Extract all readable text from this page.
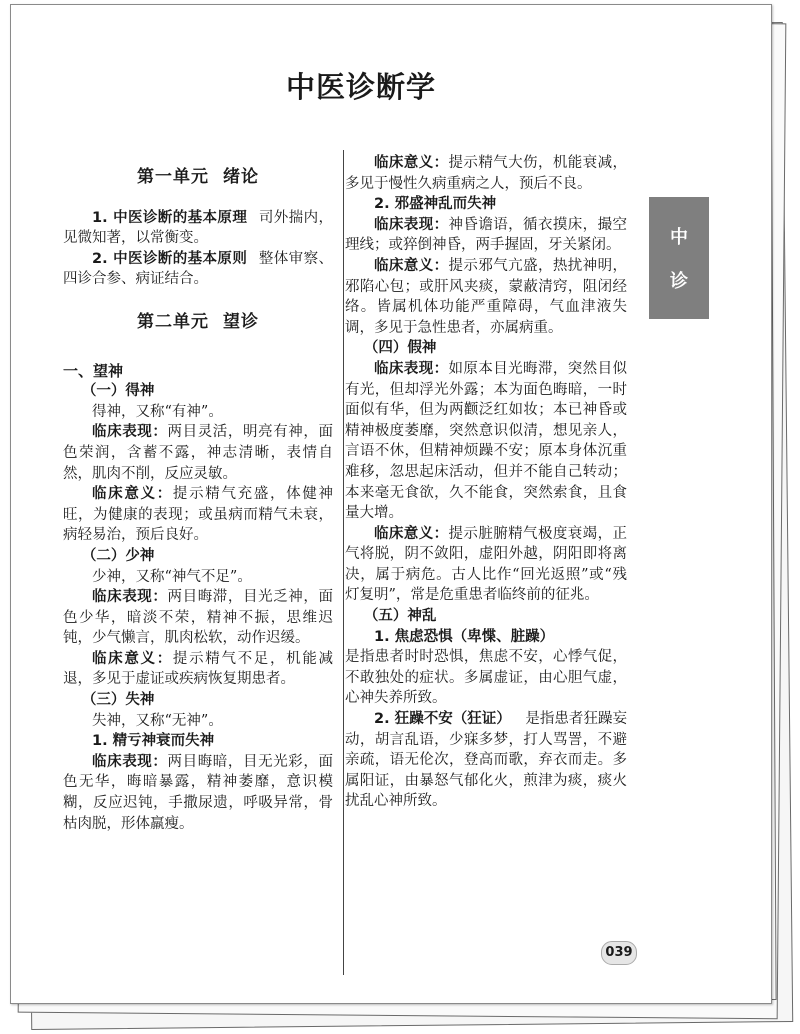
中医诊断学
第一单元 绪论

1. 中医诊断的基本原理 司外揣内，见微知著，以常衡变。

2. 中医诊断的基本原则 整体审察、四诊合参、病证结合。

第二单元 望诊
一、望神
（一）得神

得神，又称“有神”。

临床表现：两目灵活，明亮有神，面色荣润，含蓄不露，神志清晰，表情自然，肌肉不削，反应灵敏。

临床意义：提示精气充盛，体健神旺，为健康的表现；或虽病而精气未衰，病轻易治，预后良好。

（二）少神

少神，又称“神气不足”。

临床表现：两目晦滞，目光乏神，面色少华，暗淡不荣，精神不振，思维迟钝，少气懒言，肌肉松软，动作迟缓。

临床意义：提示精气不足，机能减退，多见于虚证或疾病恢复期患者。

（三）失神

失神，又称“无神”。

1. 精亏神衰而失神

临床表现：两目晦暗，目无光彩，面色无华，晦暗暴露，精神萎靡，意识模糊，反应迟钝，手撒尿遗，呼吸异常，骨枯肉脱，形体羸瘦。

临床意义：提示精气大伤，机能衰减，多见于慢性久病重病之人，预后不良。

2. 邪盛神乱而失神

临床表现：神昏谵语，循衣摸床，撮空理线；或猝倒神昏，两手握固，牙关紧闭。

临床意义：提示邪气亢盛，热扰神明，邪陷心包；或肝风夹痰，蒙蔽清窍，阻闭经络。皆属机体功能严重障碍，气血津液失调，多见于急性患者，亦属病重。

（四）假神

临床表现：如原本目光晦滞，突然目似有光，但却浮光外露；本为面色晦暗，一时面似有华，但为两颧泛红如妆；本已神昏或精神极度萎靡，突然意识似清，想见亲人，言语不休，但精神烦躁不安；原本身体沉重难移，忽思起床活动，但并不能自己转动；本来毫无食欲，久不能食，突然索食，且食量大增。

临床意义：提示脏腑精气极度衰竭，正气将脱，阴不敛阳，虚阳外越，阴阳即将离决，属于病危。古人比作“回光返照”或“残灯复明”，常是危重患者临终前的征兆。

（五）神乱

1. 焦虑恐惧（卑惵、脏躁）

是指患者时时恐惧，焦虑不安，心悸气促，不敢独处的症状。多属虚证，由心胆气虚，心神失养所致。

2. 狂躁不安（狂证） 是指患者狂躁妄动，胡言乱语，少寐多梦，打人骂詈，不避亲疏，语无伦次，登高而歌，弃衣而走。多属阳证，由暴怒气郁化火，煎津为痰，痰火扰乱心神所致。

中
诊
039
